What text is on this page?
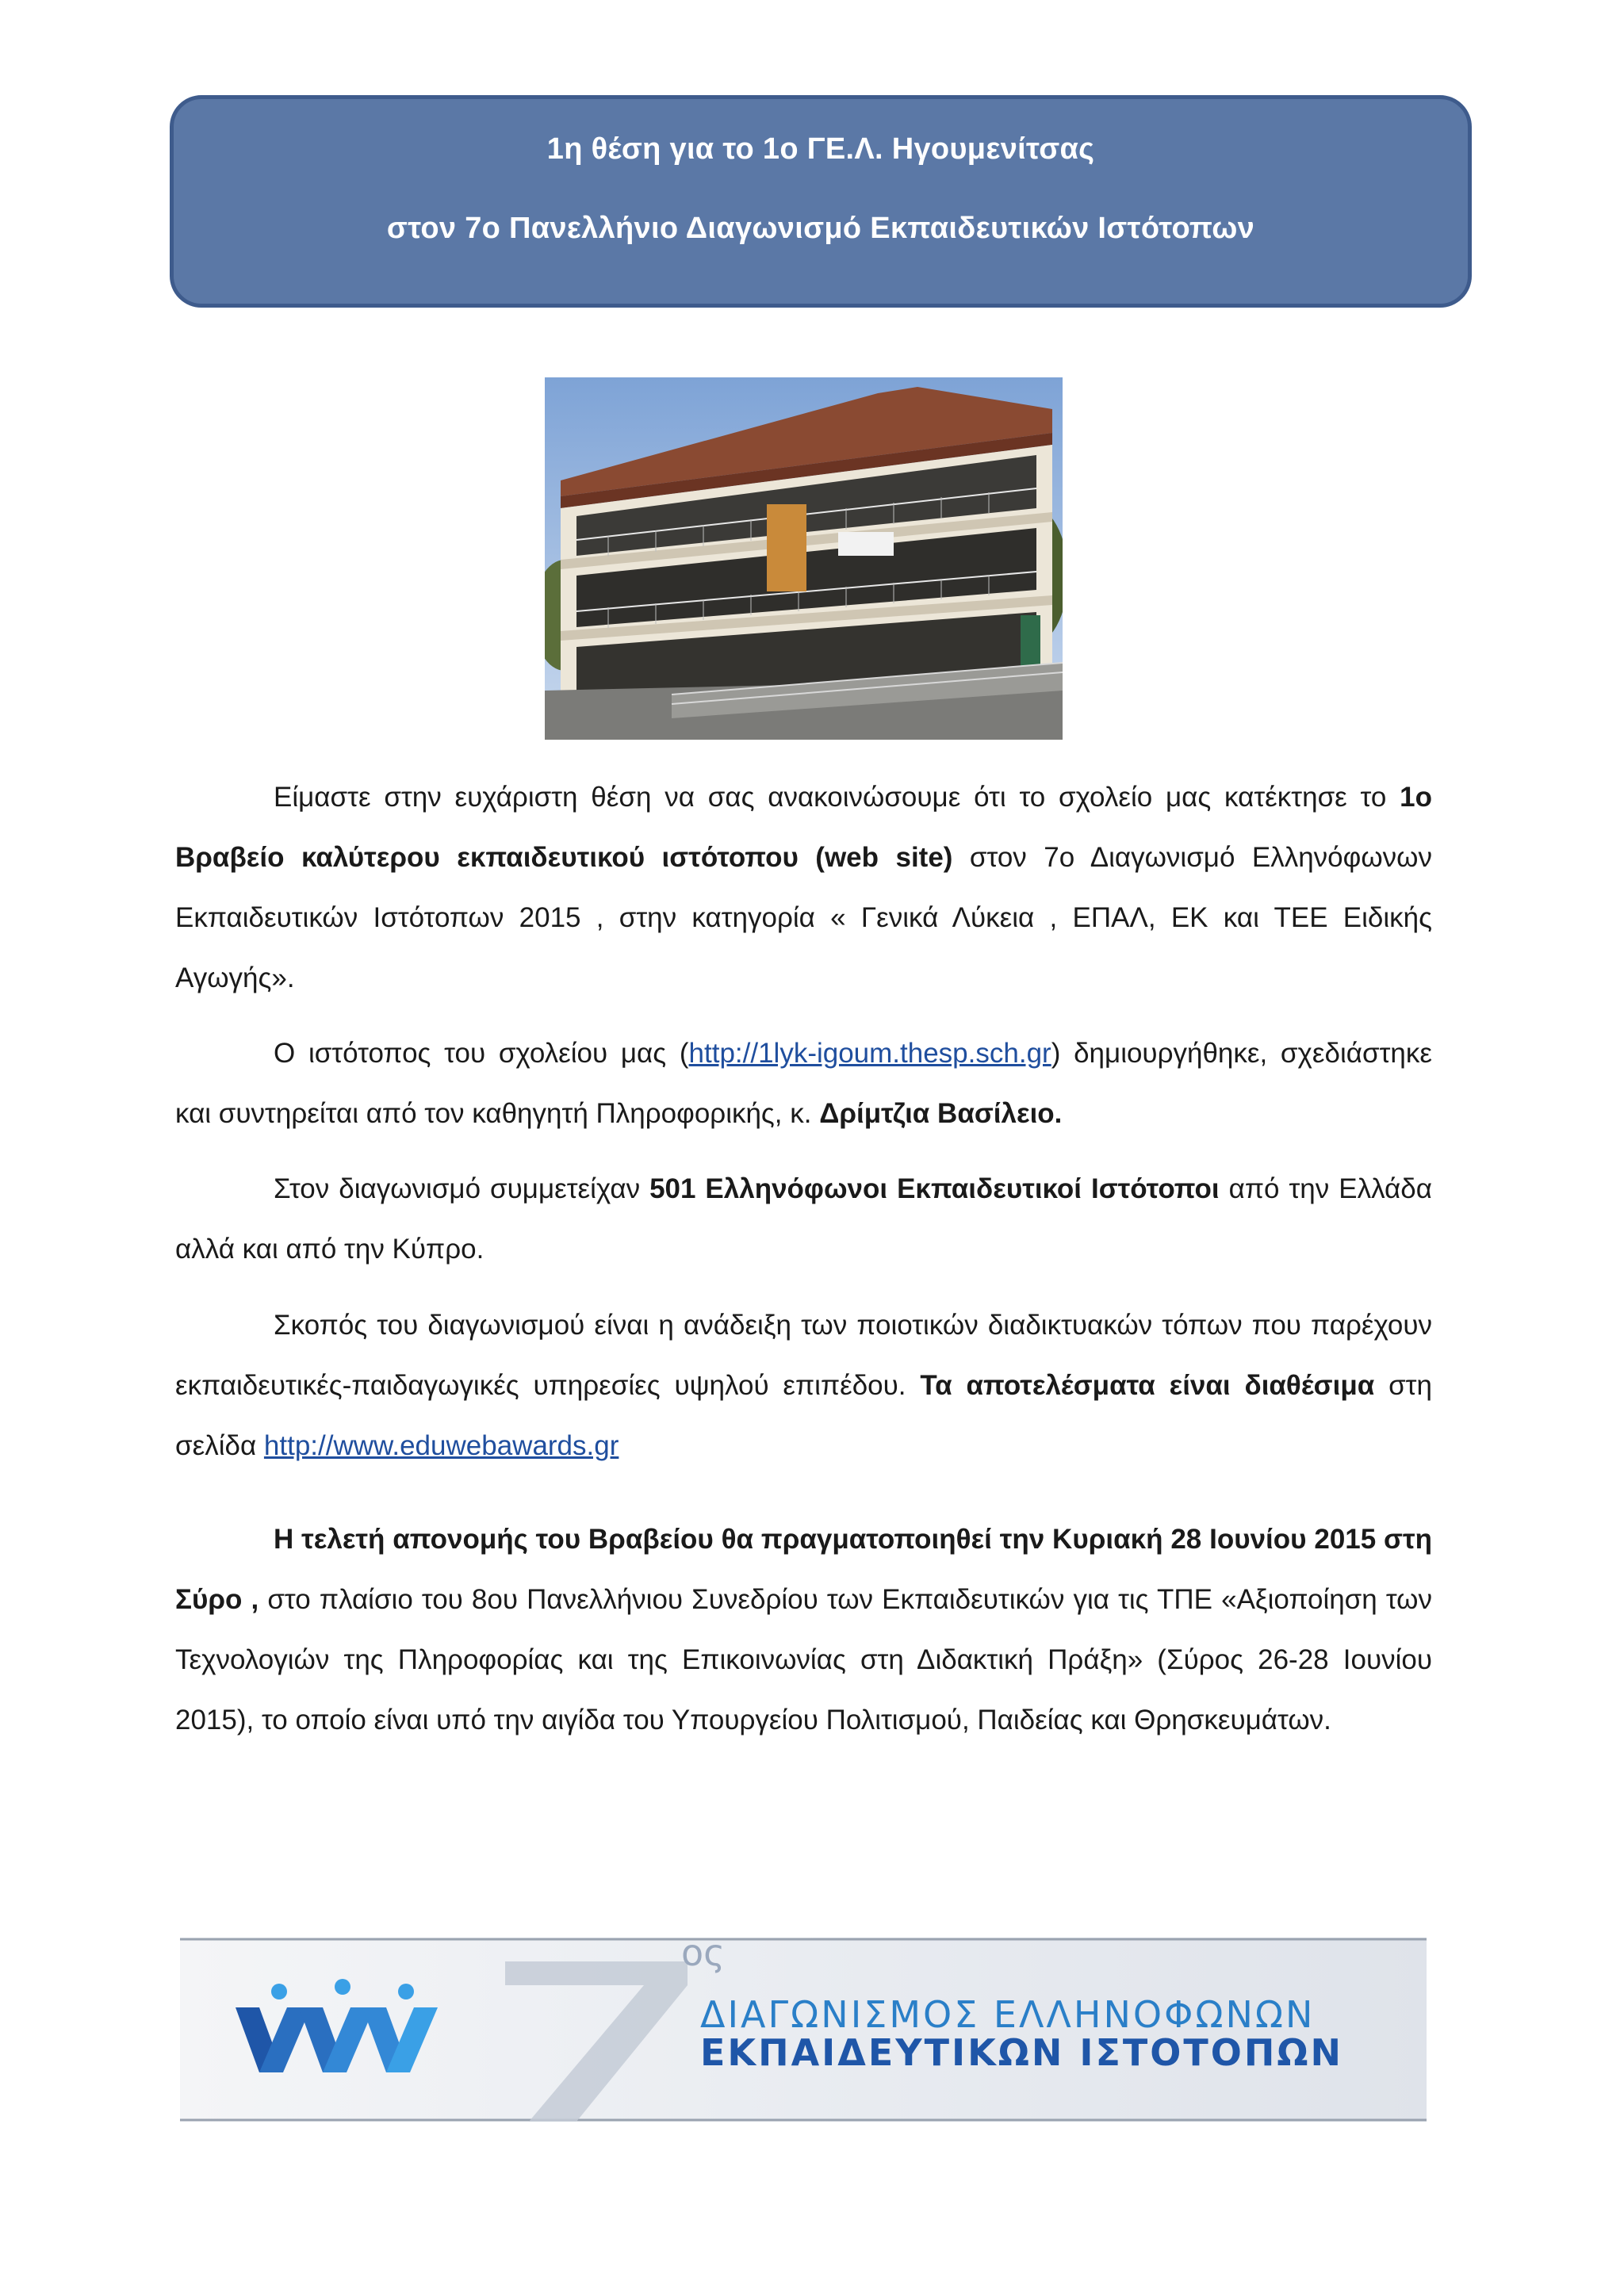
1η θέση για το 1ο ΓΕ.Λ. Ηγουμενίτσας
στον 7ο Πανελλήνιο Διαγωνισμό Εκπαιδευτικών Ιστότοπων
Είμαστε στην ευχάριστη θέση να σας ανακοινώσουμε ότι το σχολείο μας κατέκτησε το 1ο Βραβείο καλύτερου εκπαιδευτικού ιστότοπου (web site) στον 7ο Διαγωνισμό Ελληνόφωνων Εκπαιδευτικών Ιστότοπων 2015 , στην κατηγορία « Γενικά Λύκεια , ΕΠΑΛ, ΕΚ και ΤΕΕ Ειδικής Αγωγής».
Ο ιστότοπος του σχολείου μας (http://1lyk-igoum.thesp.sch.gr) δημιουργήθηκε, σχεδιάστηκε και συντηρείται από τον καθηγητή Πληροφορικής, κ. Δρίμτζια Βασίλειο.
Στον διαγωνισμό συμμετείχαν 501 Ελληνόφωνοι Εκπαιδευτικοί Ιστότοποι από την Ελλάδα αλλά και από την Κύπρο.
Σκοπός του διαγωνισμού είναι η ανάδειξη των ποιοτικών διαδικτυακών τόπων που παρέχουν εκπαιδευτικές-παιδαγωγικές υπηρεσίες υψηλού επιπέδου. Τα αποτελέσματα είναι διαθέσιμα στη σελίδα http://www.eduwebawards.gr
Η τελετή απονομής του Βραβείου θα πραγματοποιηθεί την Κυριακή 28 Ιουνίου 2015 στη Σύρο , στο πλαίσιο του 8ου Πανελλήνιου Συνεδρίου των Εκπαιδευτικών για τις ΤΠΕ «Αξιοποίηση των Τεχνολογιών της Πληροφορίας και της Επικοινωνίας στη Διδακτική Πράξη» (Σύρος 26-28 Ιουνίου 2015), το οποίο είναι υπό την αιγίδα του Υπουργείου Πολιτισμού, Παιδείας και Θρησκευμάτων.
ος
ΔΙΑΓΩΝΙΣΜΟΣ ΕΛΛΗΝΟΦΩΝΩΝ
ΕΚΠΑΙΔΕΥΤΙΚΩΝ ΙΣΤΟΤΟΠΩΝ
